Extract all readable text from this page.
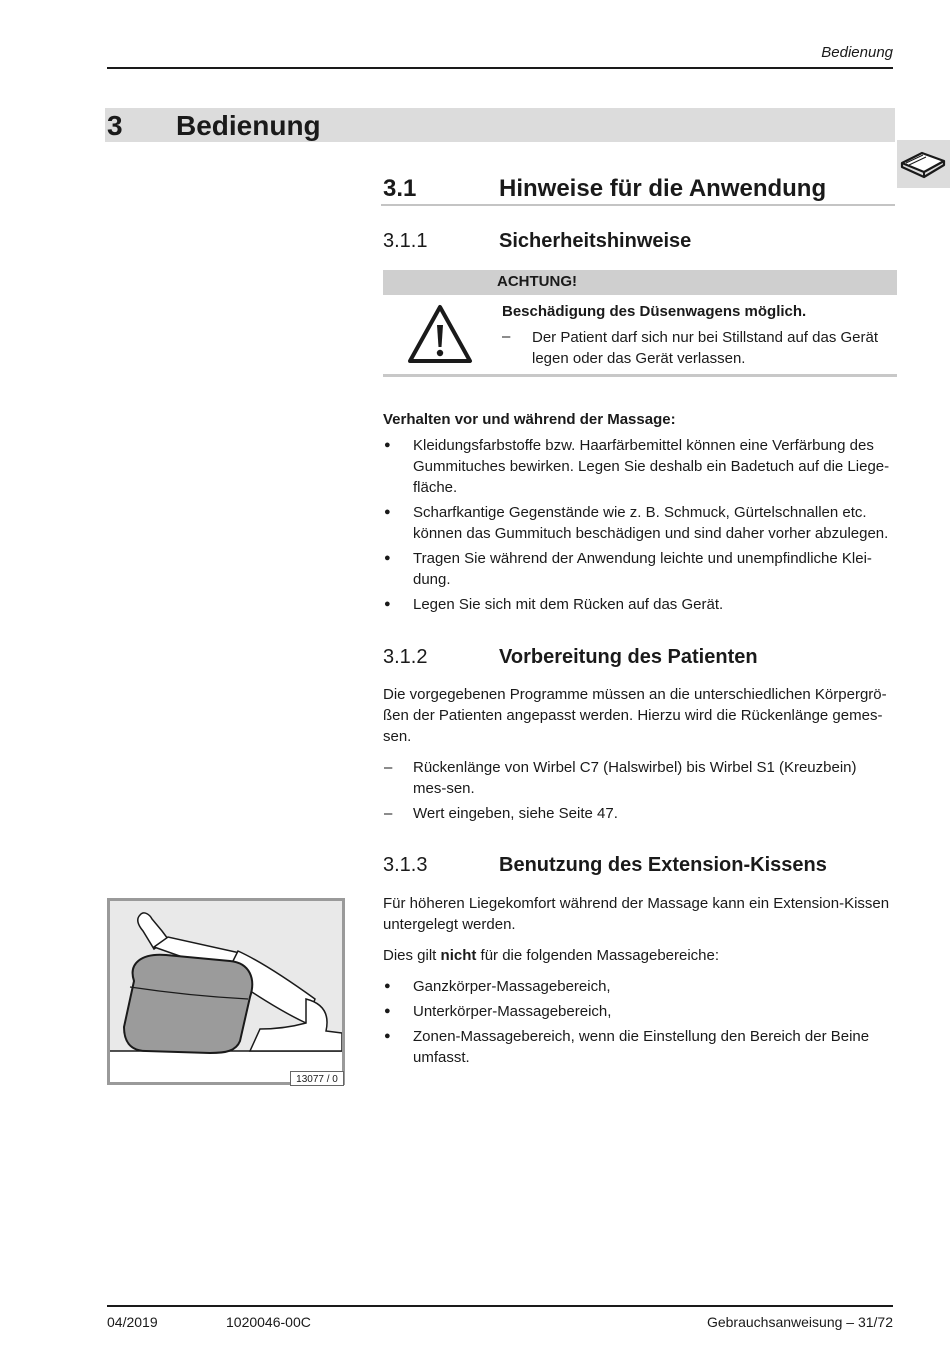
Bedienung
3 Bedienung
3.1	Hinweise für die Anwendung
3.1.1	Sicherheitshinweise
ACHTUNG!
Beschädigung des Düsenwagens möglich.
– Der Patient darf sich nur bei Stillstand auf das Gerät legen oder das Gerät verlassen.
Verhalten vor und während der Massage:
● Kleidungsfarbstoffe bzw. Haarfärbemittel können eine Verfärbung des Gummituches bewirken. Legen Sie deshalb ein Badetuch auf die Liege-fläche.
● Scharfkantige Gegenstände wie z. B. Schmuck, Gürtelschnallen etc. können das Gummituch beschädigen und sind daher vorher abzulegen.
● Tragen Sie während der Anwendung leichte und unempfindliche Klei-dung.
● Legen Sie sich mit dem Rücken auf das Gerät.
3.1.2	Vorbereitung des Patienten
Die vorgegebenen Programme müssen an die unterschiedlichen Körpergrö-ßen der Patienten angepasst werden. Hierzu wird die Rückenlänge gemes-sen.
– Rückenlänge von Wirbel C7 (Halswirbel) bis Wirbel S1 (Kreuzbein) mes-sen.
– Wert eingeben, siehe Seite 47.
3.1.3	Benutzung des Extension-Kissens
Für höheren Liegekomfort während der Massage kann ein Extension-Kissen untergelegt werden.
Dies gilt nicht für die folgenden Massagebereiche:
● Ganzkörper-Massagebereich,
● Unterkörper-Massagebereich,
● Zonen-Massagebereich, wenn die Einstellung den Bereich der Beine umfasst.
13077 / 0
04/2019	1020046-00C	Gebrauchsanweisung – 31/72
